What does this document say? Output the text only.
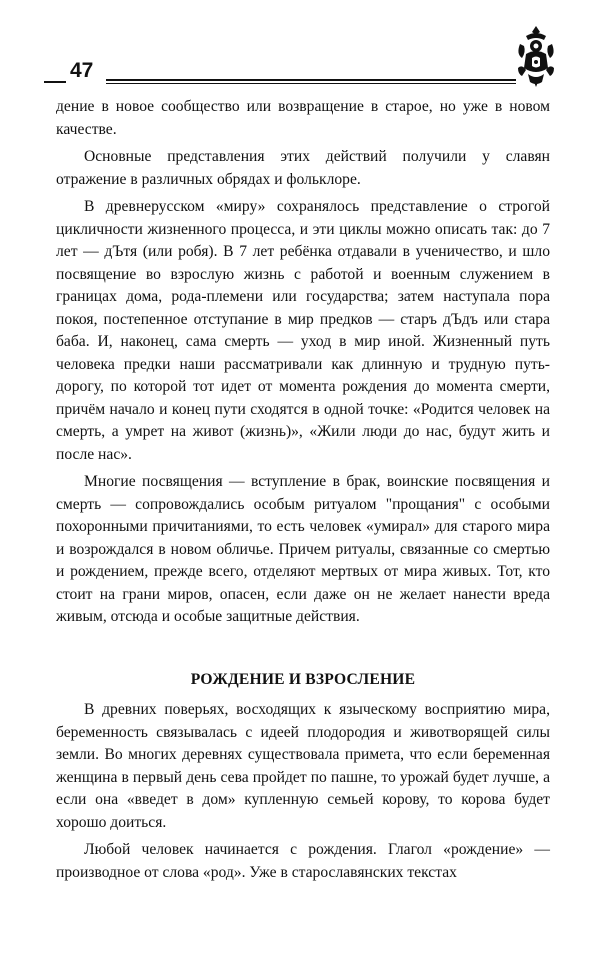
47

дение в новое сообщество или возвращение в старое, но уже в новом качестве.

Основные представления этих действий получили у славян отражение в различных обрядах и фольклоре.

В древнерусском «миру» сохранялось представление о строгой цикличности жизненного процесса, и эти циклы можно описать так: до 7 лет — дЪтя (или робя). В 7 лет ребёнка отдавали в ученичество, и шло посвящение во взрослую жизнь с работой и военным служением в границах дома, рода-племени или государства; затем наступала пора покоя, постепенное отступание в мир предков — старъ дЪдъ или стара баба. И, наконец, сама смерть — уход в мир иной. Жизненный путь человека предки наши рассматривали как длинную и трудную путь-дорогу, по которой тот идет от момента рождения до момента смерти, причём начало и конец пути сходятся в одной точке: «Родится человек на смерть, а умрет на живот (жизнь)», «Жили люди до нас, будут жить и после нас».

Многие посвящения — вступление в брак, воинские посвящения и смерть — сопровождались особым ритуалом "прощания" с особыми похоронными причитаниями, то есть человек «умирал» для старого мира и возрождался в новом обличье. Причем ритуалы, связанные со смертью и рождением, прежде всего, отделяют мертвых от мира живых. Тот, кто стоит на грани миров, опасен, если даже он не желает нанести вреда живым, отсюда и особые защитные действия.

РОЖДЕНИЕ И ВЗРОСЛЕНИЕ

В древних поверьях, восходящих к языческому восприятию мира, беременность связывалась с идеей плодородия и животворящей силы земли. Во многих деревнях существовала примета, что если беременная женщина в первый день сева пройдет по пашне, то урожай будет лучше, а если она «введет в дом» купленную семьей корову, то корова будет хорошо доиться.

Любой человек начинается с рождения. Глагол «рождение» — производное от слова «род». Уже в старославянских текстах
